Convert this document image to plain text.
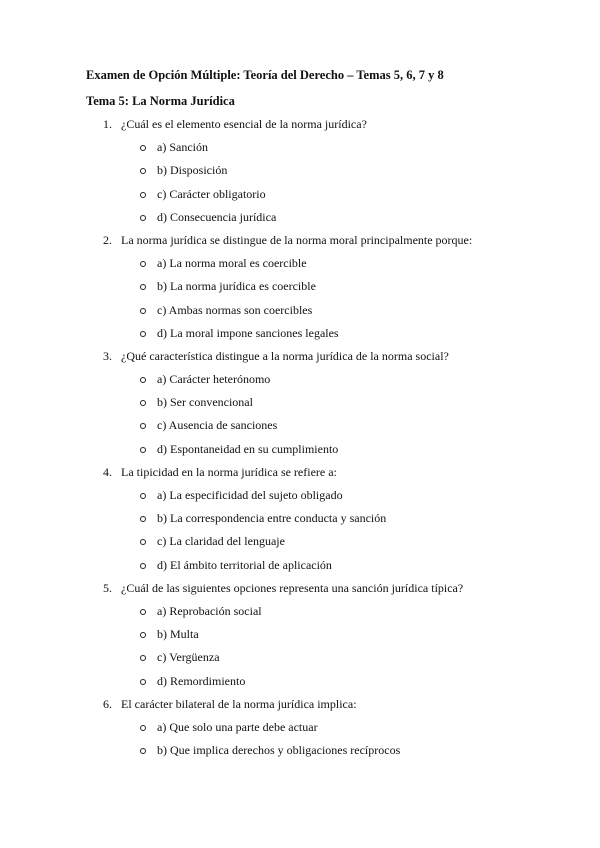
Examen de Opción Múltiple: Teoría del Derecho – Temas 5, 6, 7 y 8
Tema 5: La Norma Jurídica
1. ¿Cuál es el elemento esencial de la norma jurídica?
a) Sanción
b) Disposición
c) Carácter obligatorio
d) Consecuencia jurídica
2. La norma jurídica se distingue de la norma moral principalmente porque:
a) La norma moral es coercible
b) La norma jurídica es coercible
c) Ambas normas son coercibles
d) La moral impone sanciones legales
3. ¿Qué característica distingue a la norma jurídica de la norma social?
a) Carácter heterónomo
b) Ser convencional
c) Ausencia de sanciones
d) Espontaneidad en su cumplimiento
4. La tipicidad en la norma jurídica se refiere a:
a) La especificidad del sujeto obligado
b) La correspondencia entre conducta y sanción
c) La claridad del lenguaje
d) El ámbito territorial de aplicación
5. ¿Cuál de las siguientes opciones representa una sanción jurídica típica?
a) Reprobación social
b) Multa
c) Vergüenza
d) Remordimiento
6. El carácter bilateral de la norma jurídica implica:
a) Que solo una parte debe actuar
b) Que implica derechos y obligaciones recíprocos
